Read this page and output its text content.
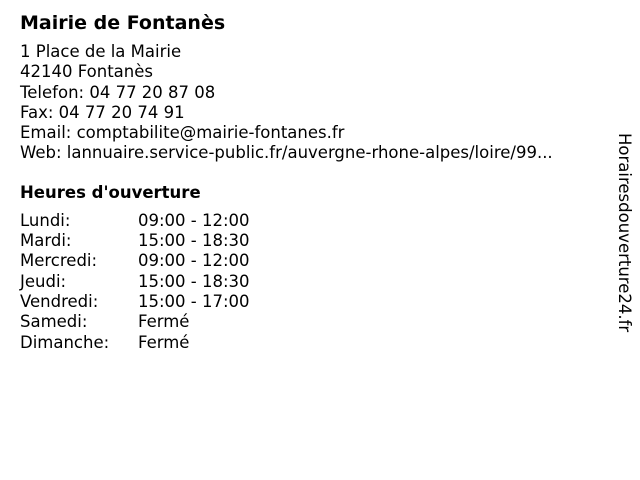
Mairie de Fontanès
1 Place de la Mairie
42140 Fontanès
Telefon: 04 77 20 87 08
Fax: 04 77 20 74 91
Email: comptabilite@mairie-fontanes.fr
Web: lannuaire.service-public.fr/auvergne-rhone-alpes/loire/99...
Heures d'ouverture
Lundi:	09:00 - 12:00
Mardi:	15:00 - 18:30
Mercredi:	09:00 - 12:00
Jeudi:	15:00 - 18:30
Vendredi:	15:00 - 17:00
Samedi:	Fermé
Dimanche:	Fermé
Horairesdouverture24.fr
